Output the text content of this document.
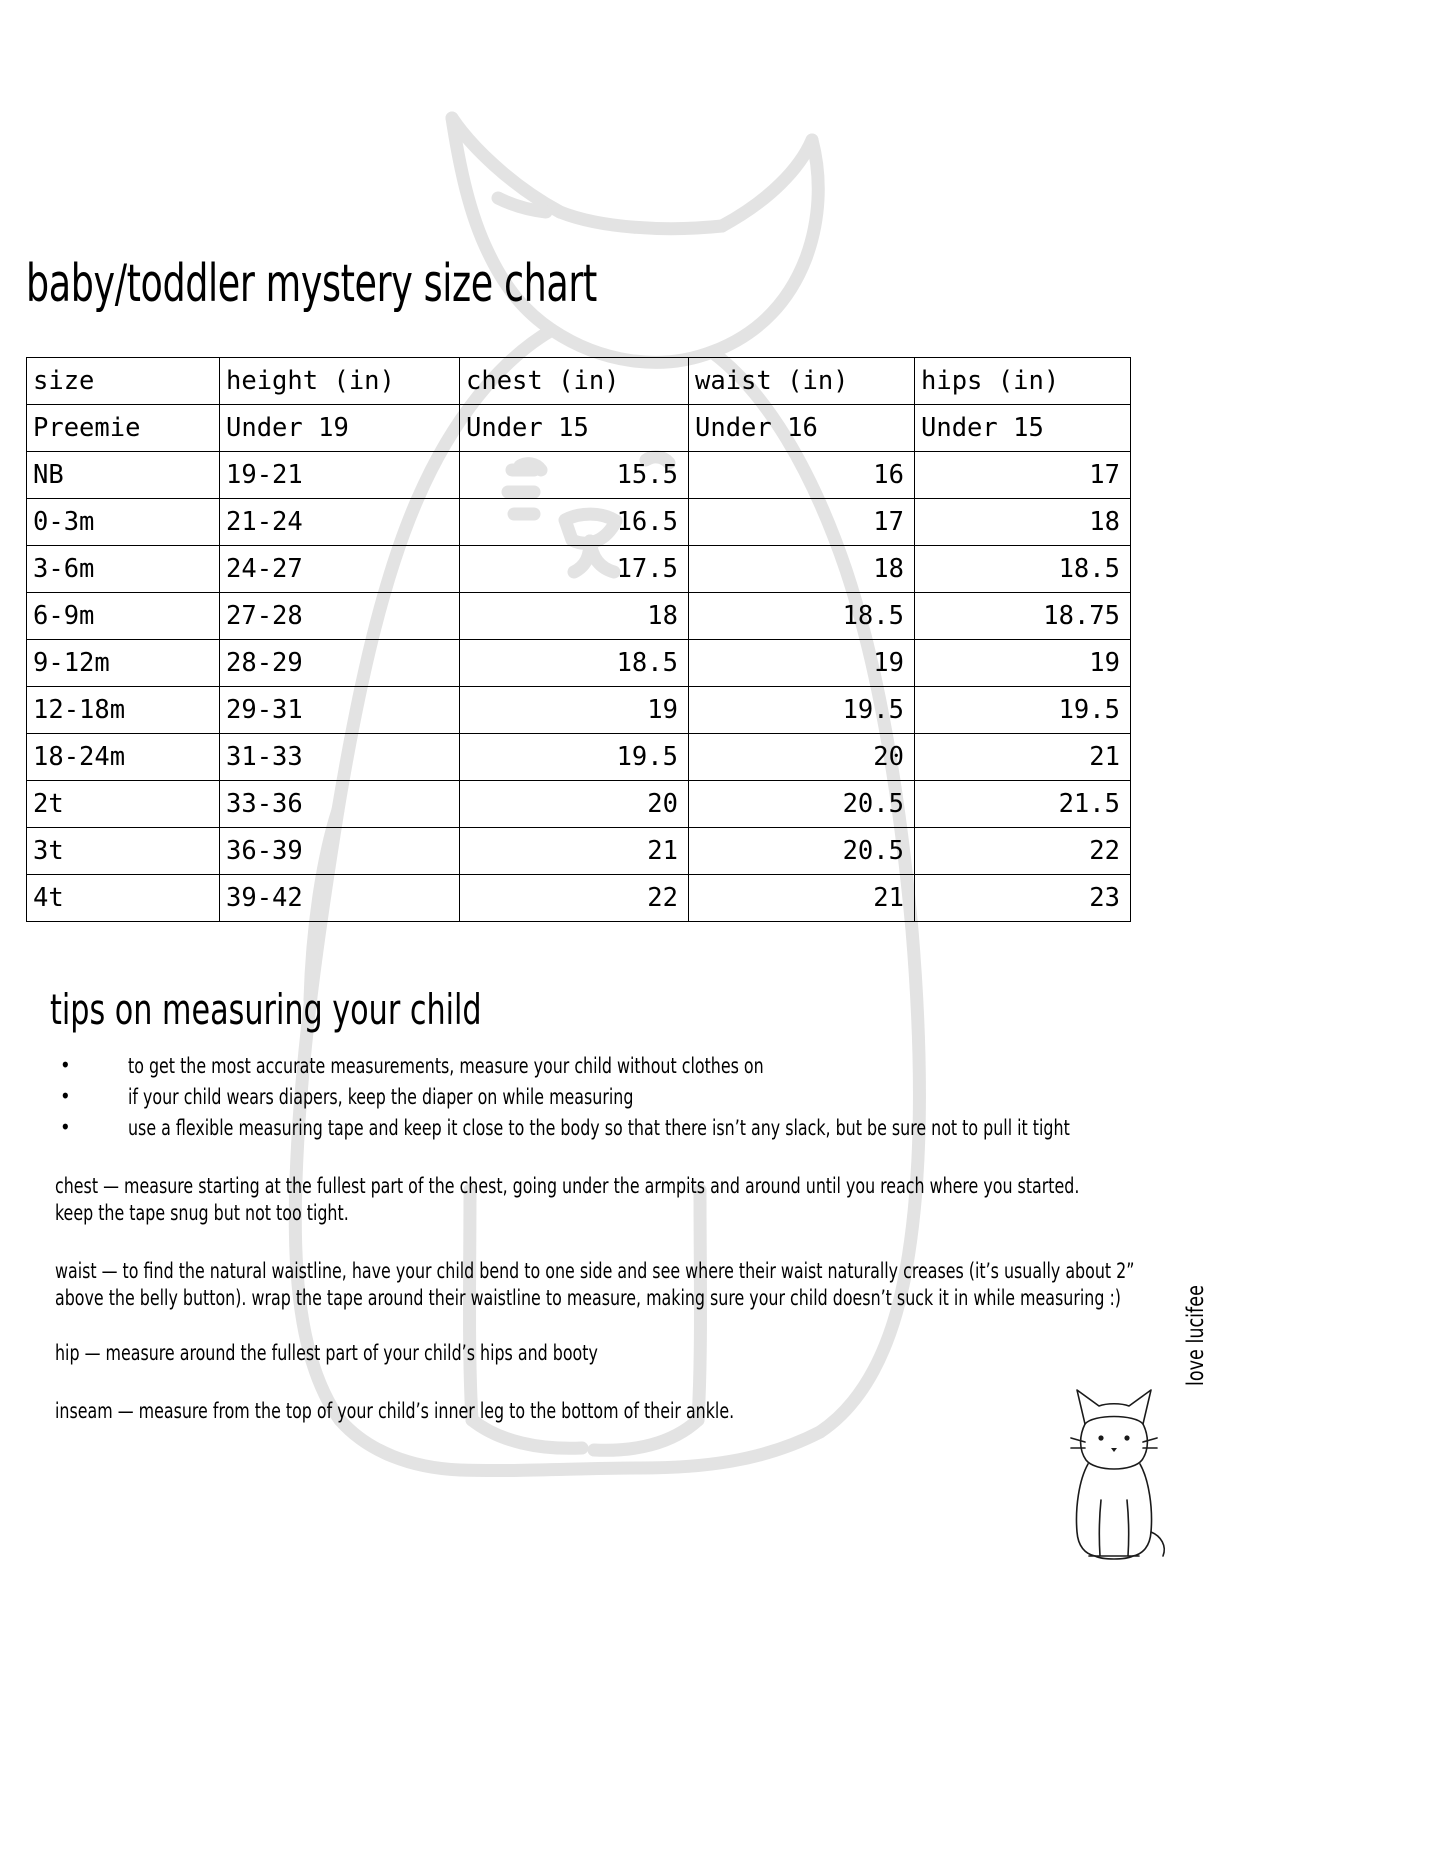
baby/toddler mystery size chart
size	height (in)	chest (in)	waist (in)	hips (in)
Preemie	Under 19	Under 15	Under 16	Under 15
NB	19-21	15.5	16	17
0-3m	21-24	16.5	17	18
3-6m	24-27	17.5	18	18.5
6-9m	27-28	18	18.5	18.75
9-12m	28-29	18.5	19	19
12-18m	29-31	19	19.5	19.5
18-24m	31-33	19.5	20	21
2t	33-36	20	20.5	21.5
3t	36-39	21	20.5	22
4t	39-42	22	21	23
tips on measuring your child
•	to get the most accurate measurements, measure your child without clothes on
•	if your child wears diapers, keep the diaper on while measuring
•	use a flexible measuring tape and keep it close to the body so that there isn’t any slack, but be sure not to pull it tight
chest — measure starting at the fullest part of the chest, going under the armpits and around until you reach where you started.
keep the tape snug but not too tight.
waist — to find the natural waistline, have your child bend to one side and see where their waist naturally creases (it’s usually about 2”
above the belly button). wrap the tape around their waistline to measure, making sure your child doesn’t suck it in while measuring :)
hip — measure around the fullest part of your child’s hips and booty
inseam — measure from the top of your child’s inner leg to the bottom of their ankle.
love lucifee
